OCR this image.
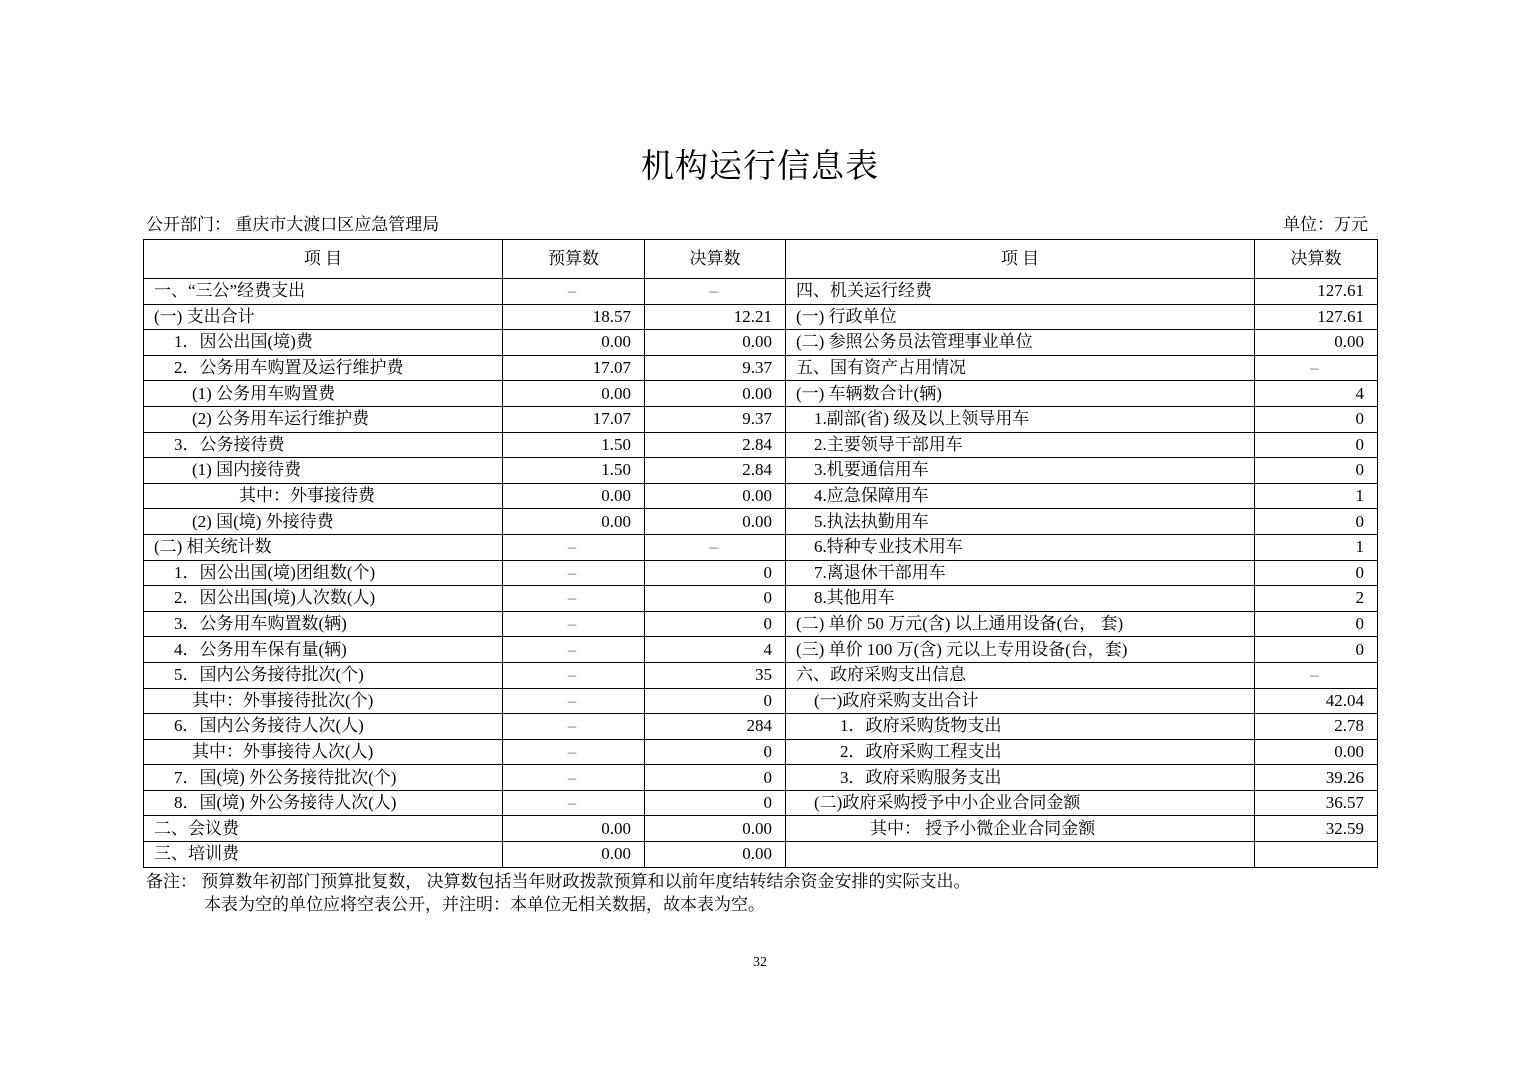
机构运行信息表
公开部门： 重庆市大渡口区应急管理局	单位：万元
项 目	预算数	决算数	项 目	决算数
一、“三公”经费支出	–	–	四、机关运行经费	127.61
(一) 支出合计	18.57	12.21	(一) 行政单位	127.61
1．因公出国(境)费	0.00	0.00	(二) 参照公务员法管理事业单位	0.00
2．公务用车购置及运行维护费	17.07	9.37	五、国有资产占用情况	–
(1) 公务用车购置费	0.00	0.00	(一) 车辆数合计(辆)	4
(2) 公务用车运行维护费	17.07	9.37	1.副部(省) 级及以上领导用车	0
3．公务接待费	1.50	2.84	2.主要领导干部用车	0
(1) 国内接待费	1.50	2.84	3.机要通信用车	0
其中：外事接待费	0.00	0.00	4.应急保障用车	1
(2) 国(境) 外接待费	0.00	0.00	5.执法执勤用车	0
(二) 相关统计数	–	–	6.特种专业技术用车	1
1．因公出国(境)团组数(个)	–	0	7.离退休干部用车	0
2．因公出国(境)人次数(人)	–	0	8.其他用车	2
3．公务用车购置数(辆)	–	0	(二) 单价 50 万元(含) 以上通用设备(台， 套)	0
4．公务用车保有量(辆)	–	4	(三) 单价 100 万(含) 元以上专用设备(台，套)	0
5．国内公务接待批次(个)	–	35	六、政府采购支出信息	–
其中：外事接待批次(个)	–	0	(一)政府采购支出合计	42.04
6．国内公务接待人次(人)	–	284	1．政府采购货物支出	2.78
其中：外事接待人次(人)	–	0	2．政府采购工程支出	0.00
7．国(境) 外公务接待批次(个)	–	0	3．政府采购服务支出	39.26
8．国(境) 外公务接待人次(人)	–	0	(二)政府采购授予中小企业合同金额	36.57
二、会议费	0.00	0.00	其中： 授予小微企业合同金额	32.59
三、培训费	0.00	0.00		
备注： 预算数年初部门预算批复数， 决算数包括当年财政拨款预算和以前年度结转结余资金安排的实际支出。
本表为空的单位应将空表公开，并注明：本单位无相关数据，故本表为空。
32
